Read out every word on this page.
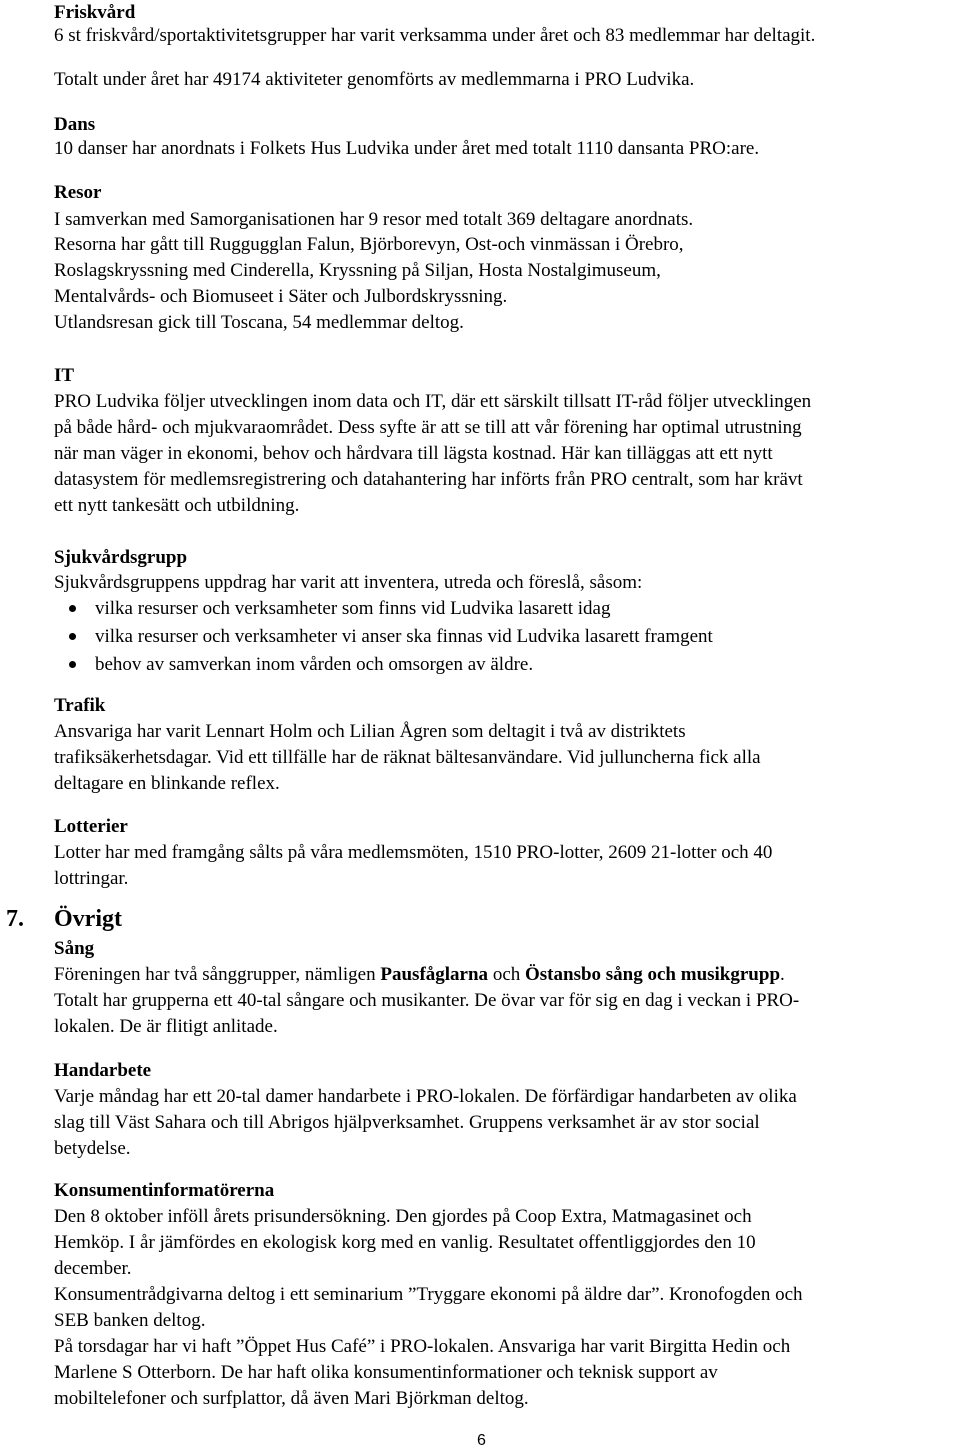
Friskvård
6 st friskvård/sportaktivitetsgrupper har varit verksamma under året och 83 medlemmar har deltagit.
Totalt under året har 49174 aktiviteter genomförts av medlemmarna i PRO Ludvika.
Dans
10 danser har anordnats i Folkets Hus Ludvika under året med totalt 1110 dansanta PRO:are.
Resor
I samverkan med Samorganisationen har 9 resor med totalt 369 deltagare anordnats.
Resorna har gått till Ruggugglan Falun, Björborevyn, Ost-och vinmässan i Örebro,
Roslagskryssning med Cinderella, Kryssning på Siljan, Hosta Nostalgimuseum,
Mentalvårds- och Biomuseet i Säter och Julbordskryssning.
Utlandsresan gick till Toscana, 54 medlemmar deltog.
IT
PRO Ludvika följer utvecklingen inom data och IT, där ett särskilt tillsatt IT-råd följer utvecklingen
på både hård- och mjukvaraområdet. Dess syfte är att se till att vår förening har optimal utrustning
när man väger in ekonomi, behov och hårdvara till lägsta kostnad. Här kan tilläggas att ett nytt
datasystem för medlemsregistrering och datahantering har införts från PRO centralt, som har krävt
ett nytt tankesätt och utbildning.
Sjukvårdsgrupp
Sjukvårdsgruppens uppdrag har varit att inventera, utreda och föreslå, såsom:
vilka resurser och verksamheter som finns vid Ludvika lasarett idag
vilka resurser och verksamheter vi anser ska finnas vid Ludvika lasarett framgent
behov av samverkan inom vården och omsorgen av äldre.
Trafik
Ansvariga har varit Lennart Holm och Lilian Ågren som deltagit i två av distriktets
trafiksäkerhetsdagar. Vid ett tillfälle har de räknat bältesanvändare. Vid julluncherna fick alla
deltagare en blinkande reflex.
Lotterier
Lotter har med framgång sålts på våra medlemsmöten, 1510 PRO-lotter, 2609 21-lotter och 40
lottringar.
7. Övrigt
Sång
Föreningen har två sånggrupper, nämligen Pausfåglarna och Östansbo sång och musikgrupp.
Totalt har grupperna ett 40-tal sångare och musikanter. De övar var för sig en dag i veckan i PRO-
lokalen. De är flitigt anlitade.
Handarbete
Varje måndag har ett 20-tal damer handarbete i PRO-lokalen. De förfärdigar handarbeten av olika
slag till Väst Sahara och till Abrigos hjälpverksamhet. Gruppens verksamhet är av stor social
betydelse.
Konsumentinformatörerna
Den 8 oktober inföll årets prisundersökning. Den gjordes på Coop Extra, Matmagasinet och
Hemköp. I år jämfördes en ekologisk korg med en vanlig. Resultatet offentliggjordes den 10
december.
Konsumentrådgivarna deltog i ett seminarium ”Tryggare ekonomi på äldre dar”. Kronofogden och
SEB banken deltog.
På torsdagar har vi haft ”Öppet Hus Café” i PRO-lokalen. Ansvariga har varit Birgitta Hedin och
Marlene S Otterborn. De har haft olika konsumentinformationer och teknisk support av
mobiltelefoner och surfplattor, då även Mari Björkman deltog.
6
